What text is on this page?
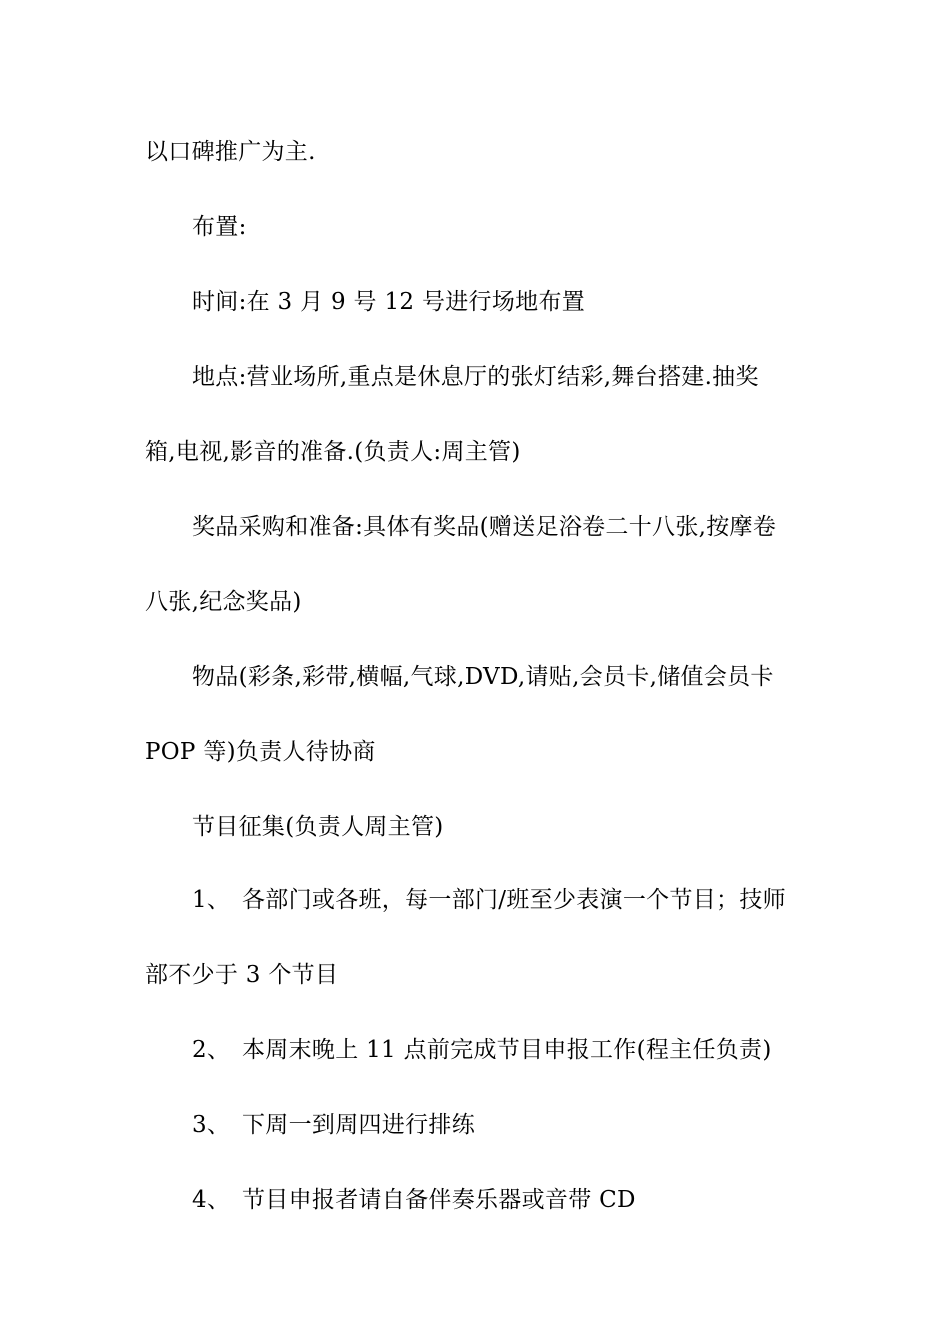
以口碑推广为主.
布置:
时间:在 3 月 9 号 12 号进行场地布置
地点:营业场所,重点是休息厅的张灯结彩,舞台搭建.抽奖
箱,电视,影音的准备.(负责人:周主管)
奖品采购和准备:具体有奖品(赠送足浴卷二十八张,按摩卷
八张,纪念奖品)
物品(彩条,彩带,横幅,气球,DVD,请贴,会员卡,储值会员卡
POP 等)负责人待协商
节目征集(负责人周主管)
1、 各部门或各班，每一部门/班至少表演一个节目；技师
部不少于 3 个节目
2、 本周末晚上 11 点前完成节目申报工作(程主任负责)
3、 下周一到周四进行排练
4、 节目申报者请自备伴奏乐器或音带 CD
